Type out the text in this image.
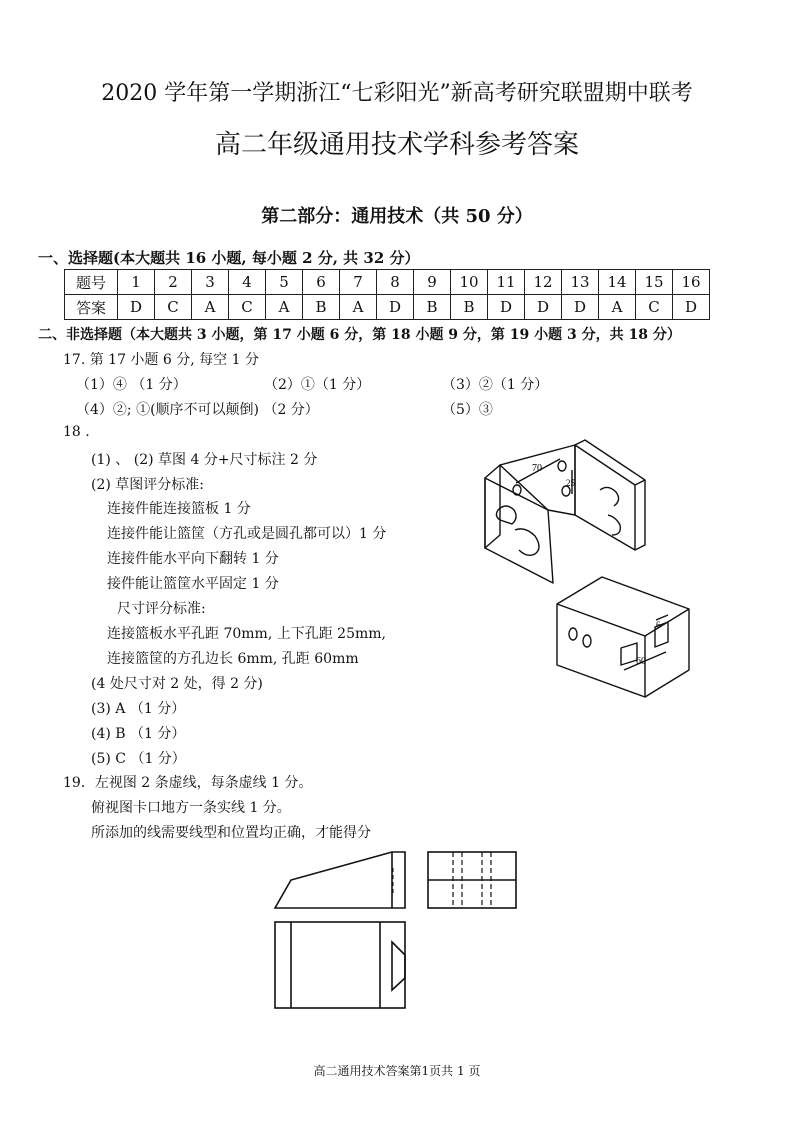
2020 学年第一学期浙江“七彩阳光”新高考研究联盟期中联考
高二年级通用技术学科参考答案
第二部分：通用技术（共 50 分）
一、选择题(本大题共 16 小题, 每小题 2 分, 共 32 分）
题号	1	2	3	4	5	6	7	8	9	10	11	12	13	14	15	16
答案	D	C	A	C	A	B	A	D	B	B	D	D	D	A	C	D
二、非选择题（本大题共 3 小题，第 17 小题 6 分，第 18 小题 9 分，第 19 小题 3 分，共 18 分）
17. 第 17 小题 6 分, 每空 1 分
（1）④ （1 分）	（2）①（1 分）	（3）②（1 分）
（4）②; ①(顺序不可以颠倒) （2 分）	（5）③
18 .
(1) 、 (2) 草图 4 分+尺寸标注 2 分
(2) 草图评分标准:
连接件能连接篮板 1 分
连接件能让篮筐（方孔或是圆孔都可以）1 分
连接件能水平向下翻转 1 分
接件能让篮筐水平固定 1 分
尺寸评分标准:
连接篮板水平孔距 70mm, 上下孔距 25mm,
连接篮筐的方孔边长 6mm, 孔距 60mm
(4 处尺寸对 2 处，得 2 分)
(3) A （1 分）
(4) B （1 分）
(5) C （1 分）
70
25
60
6
19．左视图 2 条虚线，每条虚线 1 分。
俯视图卡口地方一条实线 1 分。
所添加的线需要线型和位置均正确，才能得分
高二通用技术答案第1页共 1 页
